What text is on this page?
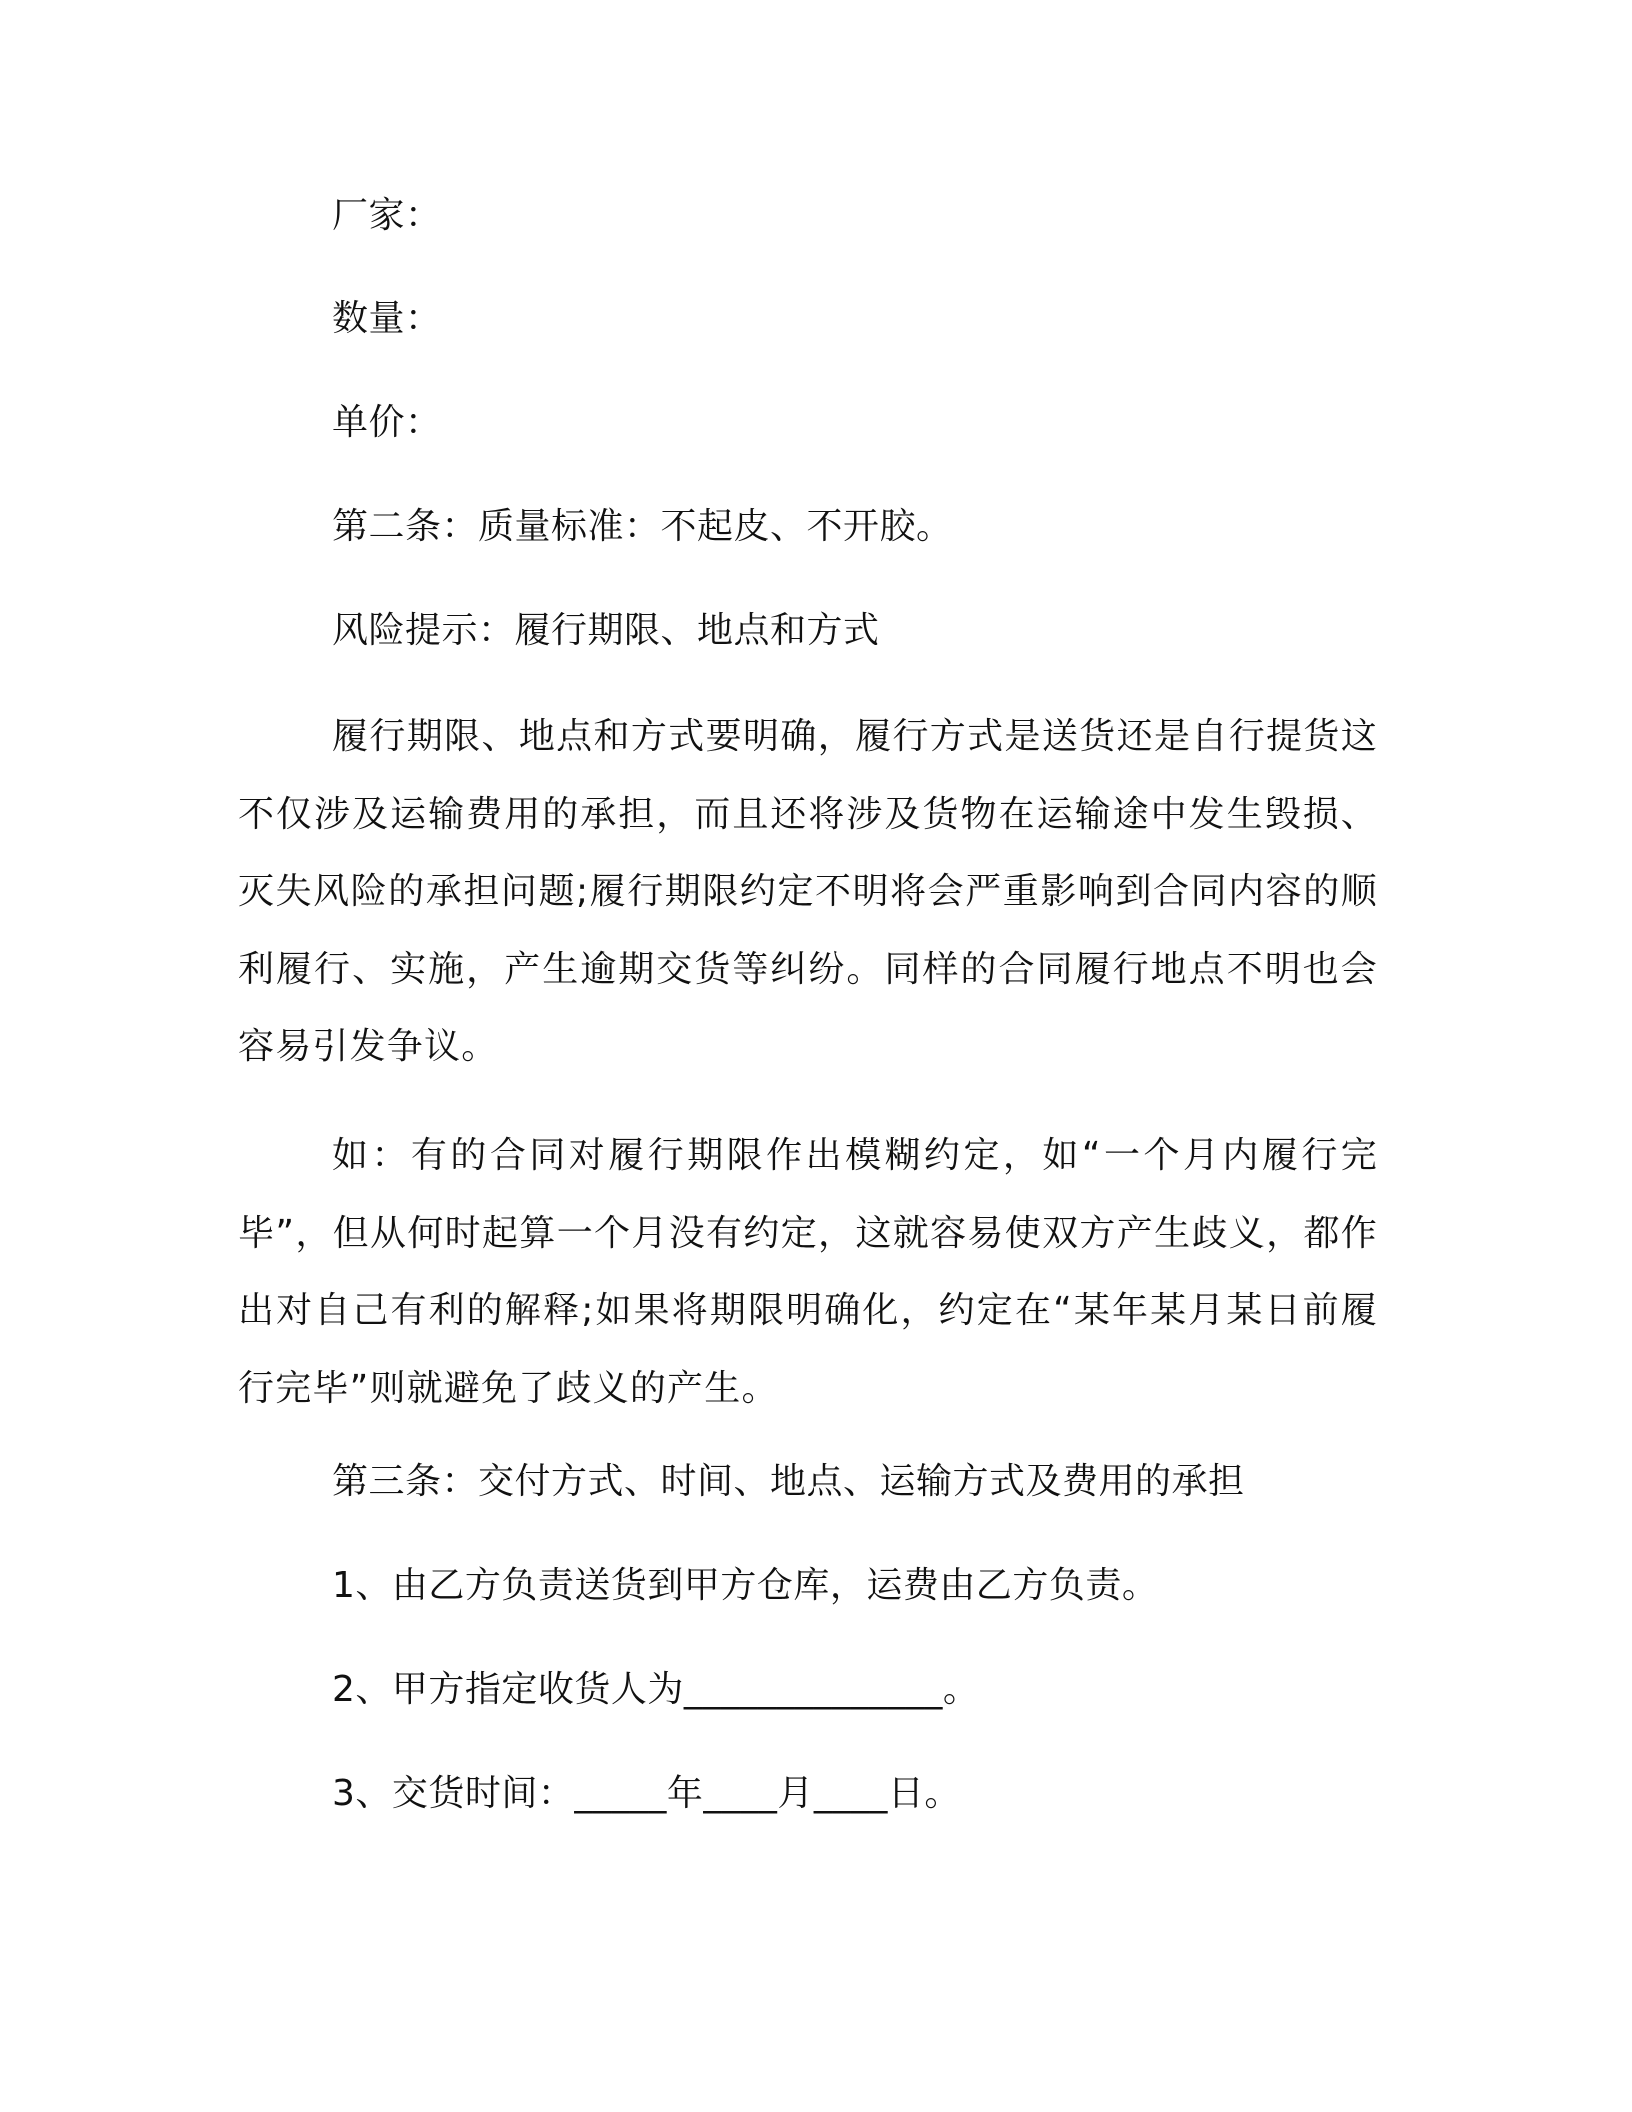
厂家：
数量：
单价：
第二条：质量标准：不起皮、不开胶。
风险提示：履行期限、地点和方式
履行期限、地点和方式要明确，履行方式是送货还是自行提货这不仅涉及运输费用的承担，而且还将涉及货物在运输途中发生毁损、灭失风险的承担问题;履行期限约定不明将会严重影响到合同内容的顺利履行、实施，产生逾期交货等纠纷。同样的合同履行地点不明也会容易引发争议。
如：有的合同对履行期限作出模糊约定，如“一个月内履行完毕”，但从何时起算一个月没有约定，这就容易使双方产生歧义，都作出对自己有利的解释;如果将期限明确化，约定在“某年某月某日前履行完毕”则就避免了歧义的产生。
第三条：交付方式、时间、地点、运输方式及费用的承担
1、由乙方负责送货到甲方仓库，运费由乙方负责。
2、甲方指定收货人为______________。
3、交货时间：_____年____月____日。
